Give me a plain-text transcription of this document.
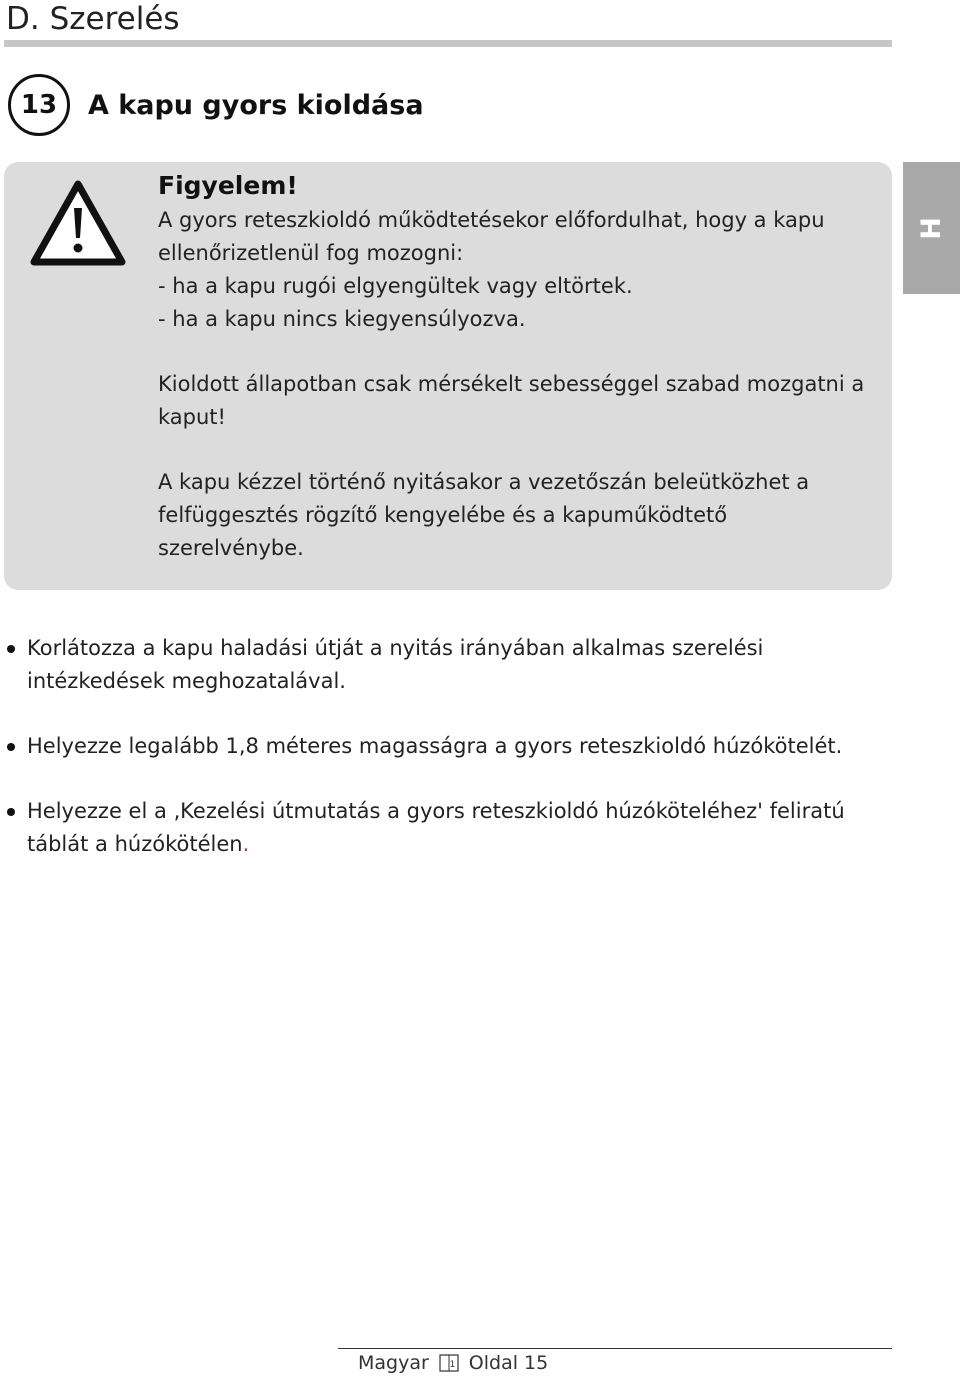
D. Szerelés
13	A kapu gyors kioldása
Figyelem!

A gyors reteszkioldó működtetésekor előfordulhat, hogy a kapu ellenőrizetlenül fog mozogni:

- ha a kapu rugói elgyengültek vagy eltörtek.

- ha a kapu nincs kiegyensúlyozva.

Kioldott állapotban csak mérsékelt sebességgel szabad mozgatni a kaput!

A kapu kézzel történő nyitásakor a vezetőszán beleütközhet a felfüggesztés rögzítő kengyelébe és a kapuműködtető szerelvénybe.

H
Korlátozza a kapu haladási útját a nyitás irányában alkalmas szerelési intézkedések meghozatalával.
Helyezze legalább 1,8 méteres magasságra a gyors reteszkioldó húzókötelét.
Helyezze el a ‚Kezelési útmutatás a gyors reteszkioldó húzóköteléhez' feliratú táblát a húzókötélen.
Magyar 1 Oldal 15
